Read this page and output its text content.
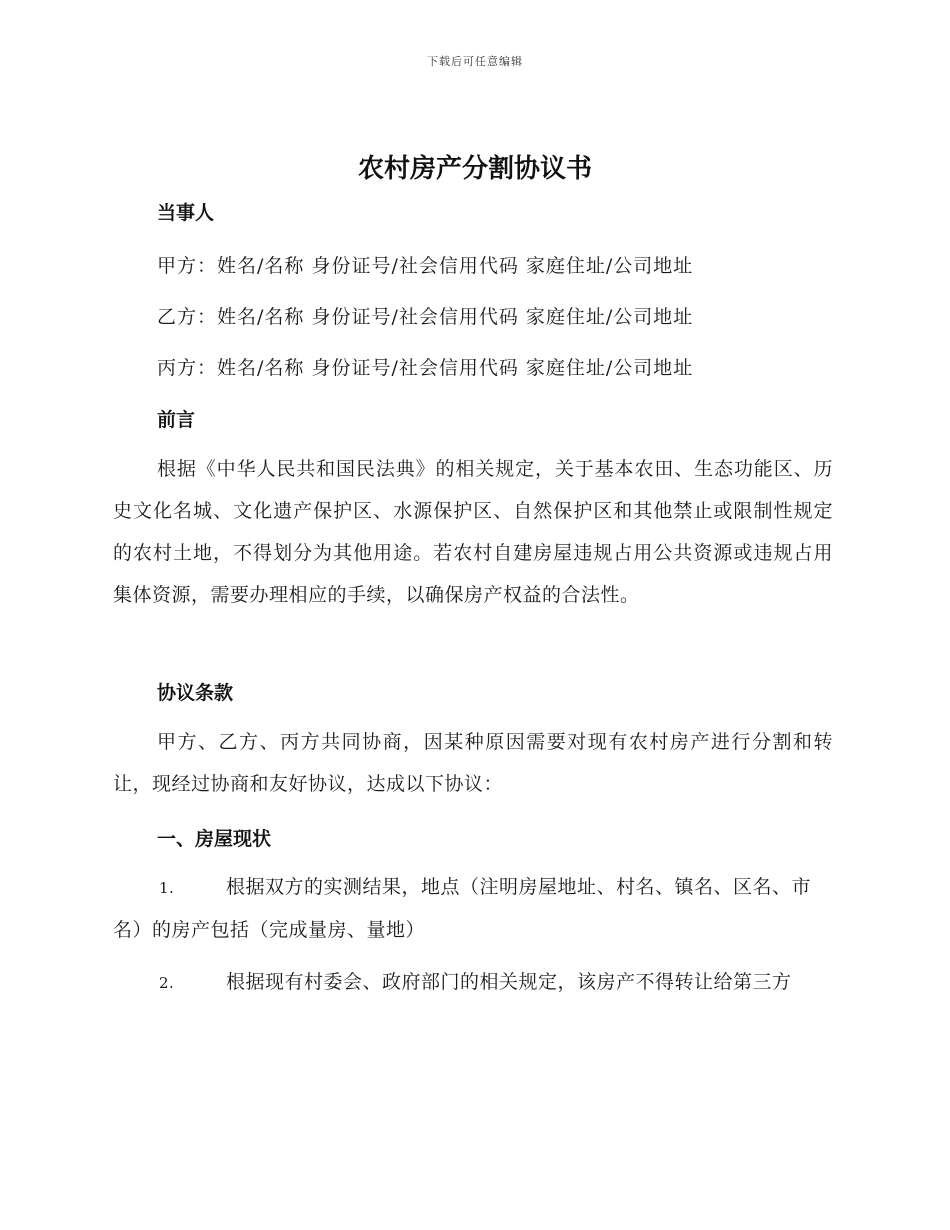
下载后可任意编辑
农村房产分割协议书
当事人
甲方：姓名/名称 身份证号/社会信用代码 家庭住址/公司地址
乙方：姓名/名称 身份证号/社会信用代码 家庭住址/公司地址
丙方：姓名/名称 身份证号/社会信用代码 家庭住址/公司地址
前言
根据《中华人民共和国民法典》的相关规定，关于基本农田、生态功能区、历史文化名城、文化遗产保护区、水源保护区、自然保护区和其他禁止或限制性规定的农村土地，不得划分为其他用途。若农村自建房屋违规占用公共资源或违规占用集体资源，需要办理相应的手续，以确保房产权益的合法性。
协议条款
甲方、乙方、丙方共同协商，因某种原因需要对现有农村房产进行分割和转让，现经过协商和友好协议，达成以下协议：
一、房屋现状
1.	根据双方的实测结果，地点（注明房屋地址、村名、镇名、区名、市名）的房产包括（完成量房、量地）
2.	根据现有村委会、政府部门的相关规定，该房产不得转让给第三方
